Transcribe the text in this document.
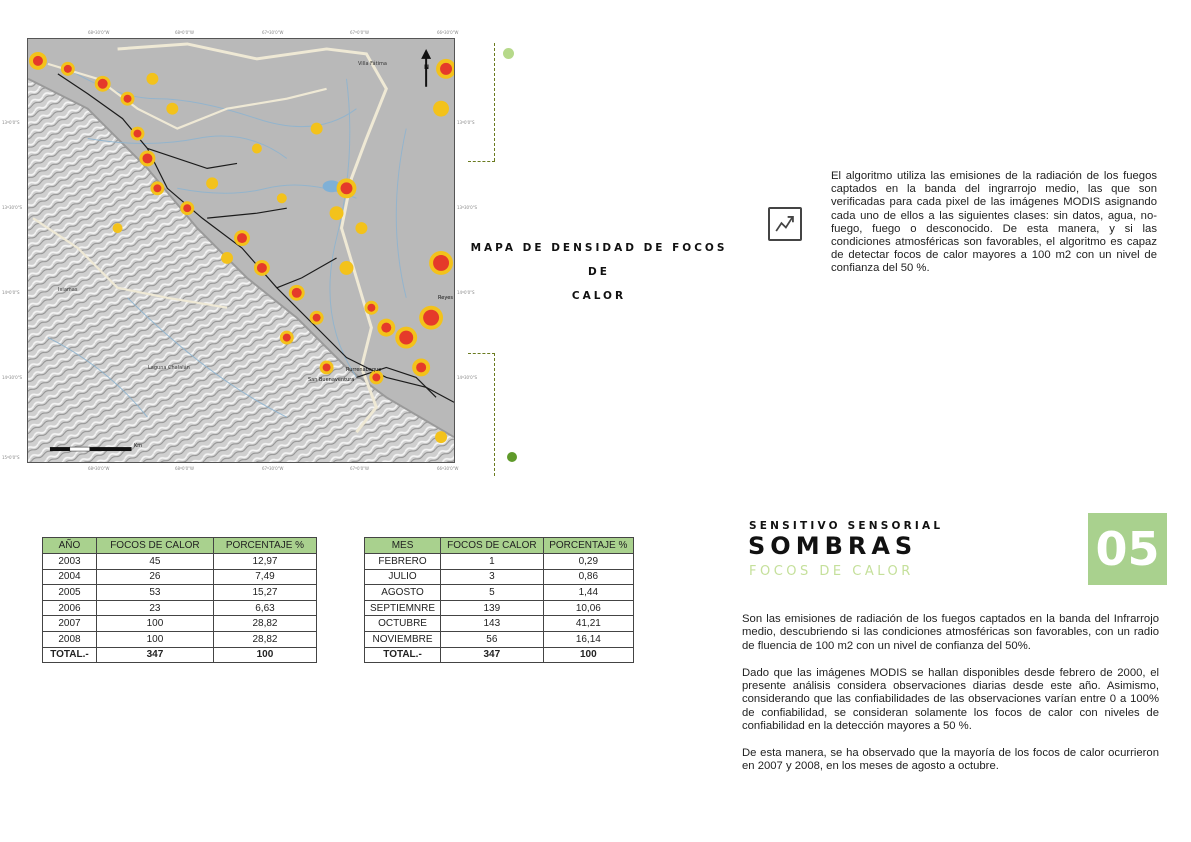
Ixiamas
Villa Fátima
San Buenaventura
Rurrenabaque
Reyes
Laguna Chalalán
N
Km
68º30'0"W	68º0'0"W	67º30'0"W	67º0'0"W	66º30'0"W
68º30'0"W	68º0'0"W	67º30'0"W	67º0'0"W	66º30'0"W
13º0'0"S
13º30'0"S
14º0'0"S
14º30'0"S
15º0'0"S
13º0'0"S
13º30'0"S
14º0'0"S
14º30'0"S
MAPA DE DENSIDAD DE FOCOS DE
CALOR
El algoritmo utiliza las emisiones de la radiación de los fuegos captados en la banda del ingrarrojo medio, las que son verificadas para cada pixel de las imágenes MODIS asignando cada uno de ellos a las siguientes clases: sin datos, agua, no-fuego, fuego o desconocido. De esta manera, y si las condiciones atmosféricas son favorables, el algoritmo es capaz de detectar focos de calor mayores a 100 m2 con un nivel de confianza del 50 %.
AÑO	FOCOS DE CALOR	PORCENTAJE %
2003	45	12,97
2004	26	7,49
2005	53	15,27
2006	23	6,63
2007	100	28,82
2008	100	28,82
TOTAL.-	347	100
MES	FOCOS DE CALOR	PORCENTAJE %
FEBRERO	1	0,29
JULIO	3	0,86
AGOSTO	5	1,44
SEPTIEMNRE	139	10,06
OCTUBRE	143	41,21
NOVIEMBRE	56	16,14
TOTAL.-	347	100
SENSITIVO SENSORIAL
SOMBRAS
FOCOS DE CALOR	05

Son las emisiones de radiación de los fuegos captados en la banda del Infrarrojo medio, descubriendo si las condiciones atmosféricas son favorables, con un radio de fluencia de 100 m2 con un nivel de confianza del 50%.

Dado que las imágenes MODIS se hallan disponibles desde febrero de 2000, el presente análisis considera observaciones diarias desde este año. Asimismo, considerando que las confiabilidades de las observaciones varían entre 0 a 100% de confiabilidad, se consideran solamente los focos de calor con niveles de confiabilidad en la detección mayores a 50 %.

De esta manera, se ha observado que la mayoría de los focos de calor ocurrieron en 2007 y 2008, en los meses de agosto a octubre.
